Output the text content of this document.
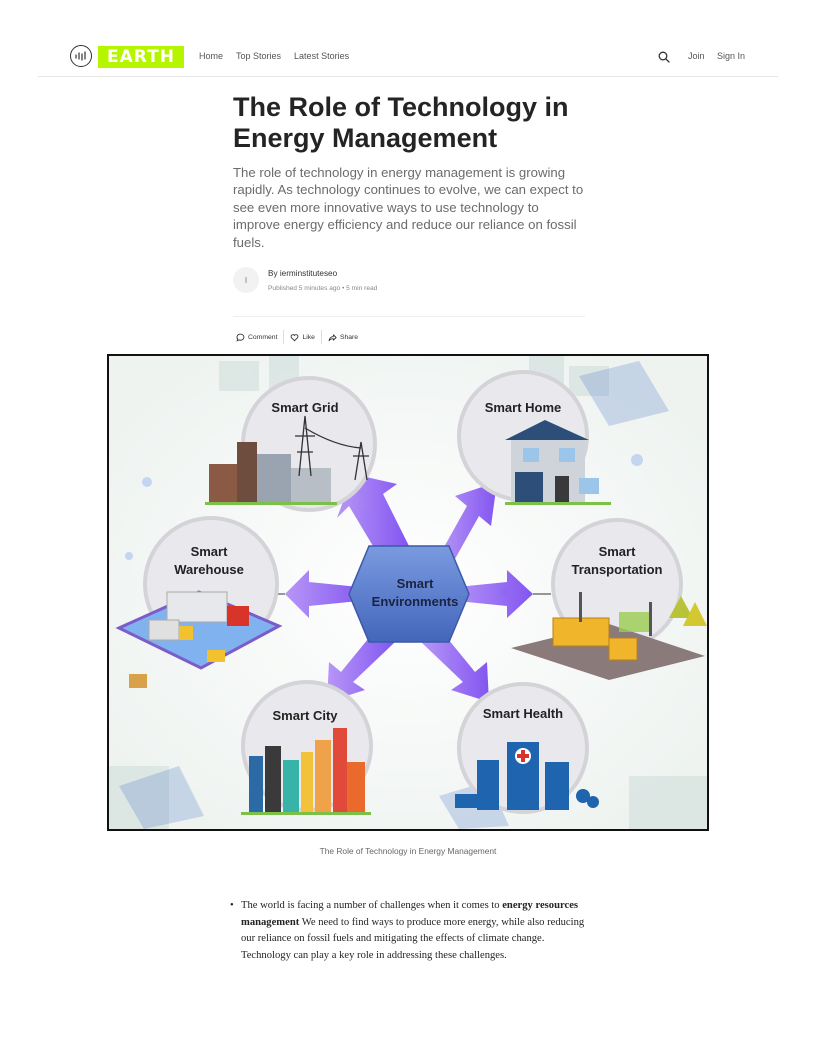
EARTH	Home Top Stories Latest Stories	Join Sign In
The Role of Technology in Energy Management

The role of technology in energy management is growing rapidly. As technology continues to evolve, we can expect to see even more innovative ways to use technology to improve energy efficiency and reduce our reliance on fossil fuels.

I
By ierminstituteseo
Published 5 minutes ago • 5 min read
Comment	Like	Share
Smart
Environments
Smart Grid	Smart Home
Smart
Warehouse
Smart
Transportation
Smart City	Smart Health
The Role of Technology in Energy Management
• The world is facing a number of challenges when it comes to energy resources management We need to find ways to produce more energy, while also reducing our reliance on fossil fuels and mitigating the effects of climate change. Technology can play a key role in addressing these challenges.
